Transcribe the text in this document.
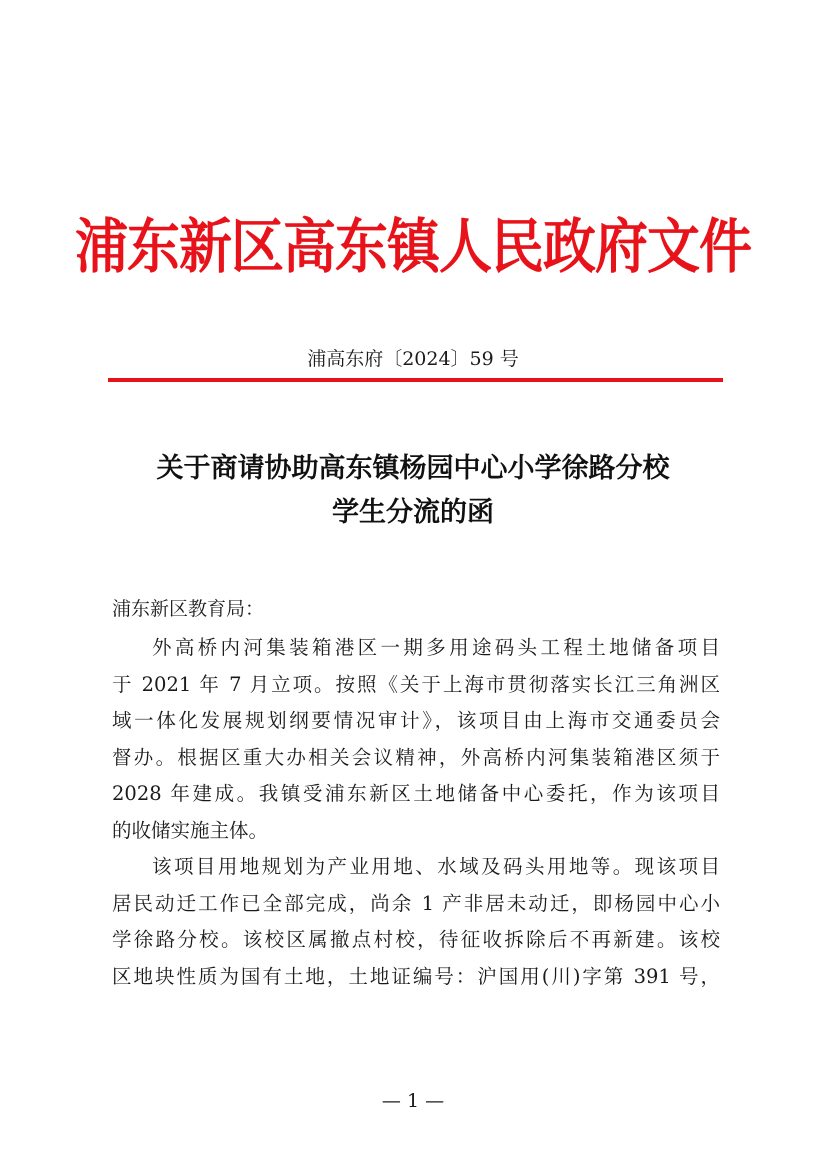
浦东新区高东镇人民政府文件
浦高东府〔2024〕59 号
关于商请协助高东镇杨园中心小学徐路分校
学生分流的函
浦东新区教育局：
外高桥内河集装箱港区一期多用途码头工程土地储备项目
于 2021 年 7 月立项。按照《关于上海市贯彻落实长江三角洲区
域一体化发展规划纲要情况审计》，该项目由上海市交通委员会
督办。根据区重大办相关会议精神，外高桥内河集装箱港区须于
2028 年建成。我镇受浦东新区土地储备中心委托，作为该项目
的收储实施主体。
该项目用地规划为产业用地、水域及码头用地等。现该项目
居民动迁工作已全部完成，尚余 1 产非居未动迁，即杨园中心小
学徐路分校。该校区属撤点村校，待征收拆除后不再新建。该校
区地块性质为国有土地，土地证编号：沪国用(川)字第 391 号，
— 1 —
